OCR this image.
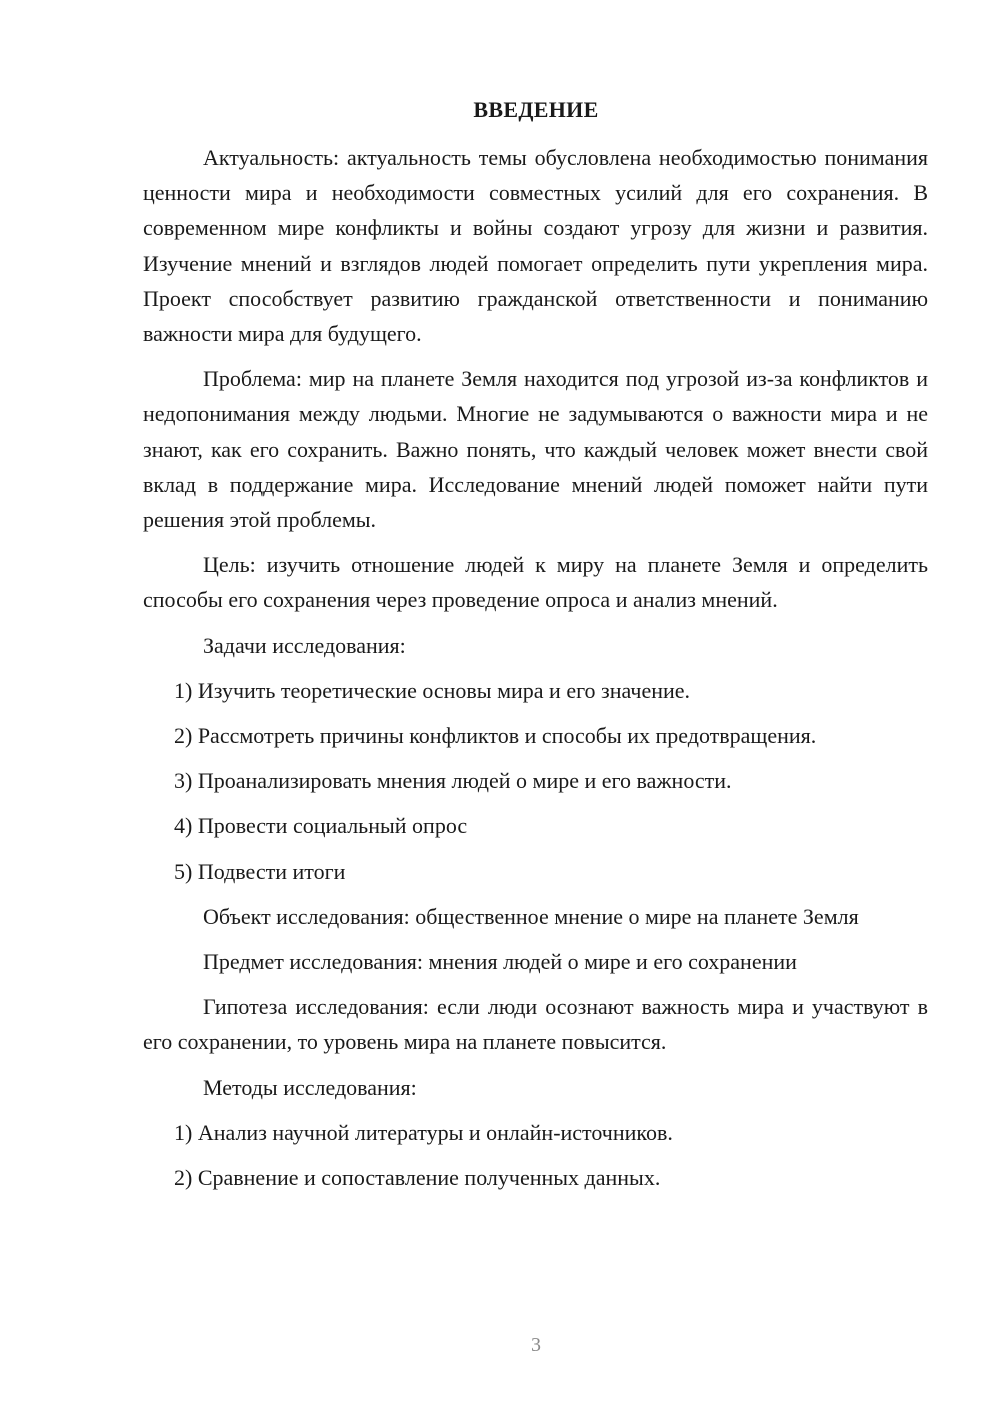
ВВЕДЕНИЕ

Актуальность: актуальность темы обусловлена необходимостью понимания ценности мира и необходимости совместных усилий для его сохранения. В современном мире конфликты и войны создают угрозу для жизни и развития. Изучение мнений и взглядов людей помогает определить пути укрепления мира. Проект способствует развитию гражданской ответственности и пониманию важности мира для будущего.

Проблема: мир на планете Земля находится под угрозой из-за конфликтов и недопонимания между людьми. Многие не задумываются о важности мира и не знают, как его сохранить. Важно понять, что каждый человек может внести свой вклад в поддержание мира. Исследование мнений людей поможет найти пути решения этой проблемы.

Цель: изучить отношение людей к миру на планете Земля и определить способы его сохранения через проведение опроса и анализ мнений.

Задачи исследования:

1) Изучить теоретические основы мира и его значение.

2) Рассмотреть причины конфликтов и способы их предотвращения.

3) Проанализировать мнения людей о мире и его важности.

4) Провести социальный опрос

5) Подвести итоги

Объект исследования: общественное мнение о мире на планете Земля

Предмет исследования: мнения людей о мире и его сохранении

Гипотеза исследования: если люди осознают важность мира и участвуют в его сохранении, то уровень мира на планете повысится.

Методы исследования:

1) Анализ научной литературы и онлайн-источников.

2) Сравнение и сопоставление полученных данных.

3
